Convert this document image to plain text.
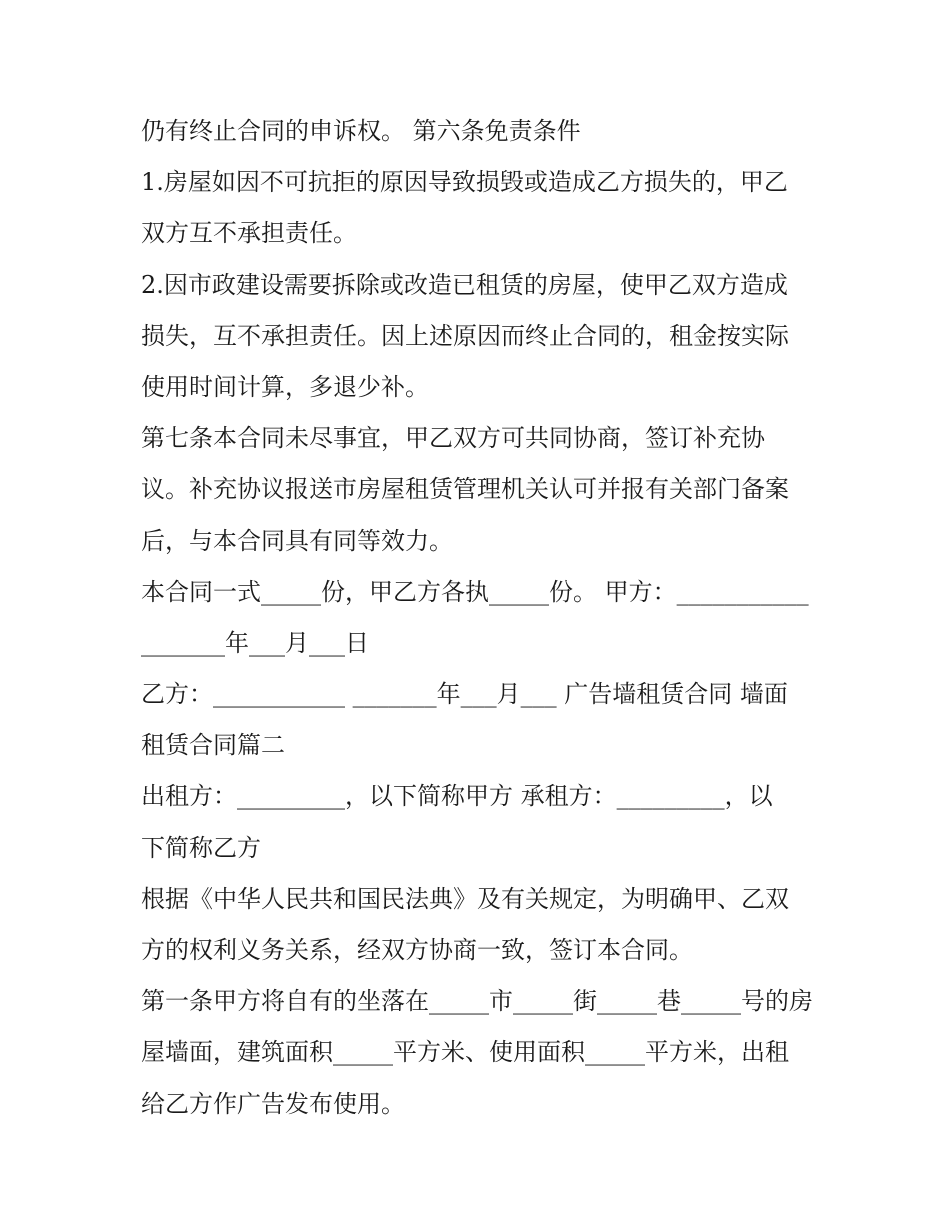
仍有终止合同的申诉权。 第六条免责条件
1.房屋如因不可抗拒的原因导致损毁或造成乙方损失的，甲乙
双方互不承担责任。
2.因市政建设需要拆除或改造已租赁的房屋，使甲乙双方造成
损失，互不承担责任。因上述原因而终止合同的，租金按实际
使用时间计算，多退少补。
第七条本合同未尽事宜，甲乙双方可共同协商，签订补充协
议。补充协议报送市房屋租赁管理机关认可并报有关部门备案
后，与本合同具有同等效力。
本合同一式_____份，甲乙方各执_____份。 甲方：___________
_______年___月___日
乙方：___________ _______年___月___ 广告墙租赁合同 墙面
租赁合同篇二
出租方：_________，以下简称甲方 承租方：_________，以
下简称乙方
根据《中华人民共和国民法典》及有关规定，为明确甲、乙双
方的权利义务关系，经双方协商一致，签订本合同。
第一条甲方将自有的坐落在_____市_____街_____巷_____号的房
屋墙面，建筑面积_____平方米、使用面积_____平方米，出租
给乙方作广告发布使用。
